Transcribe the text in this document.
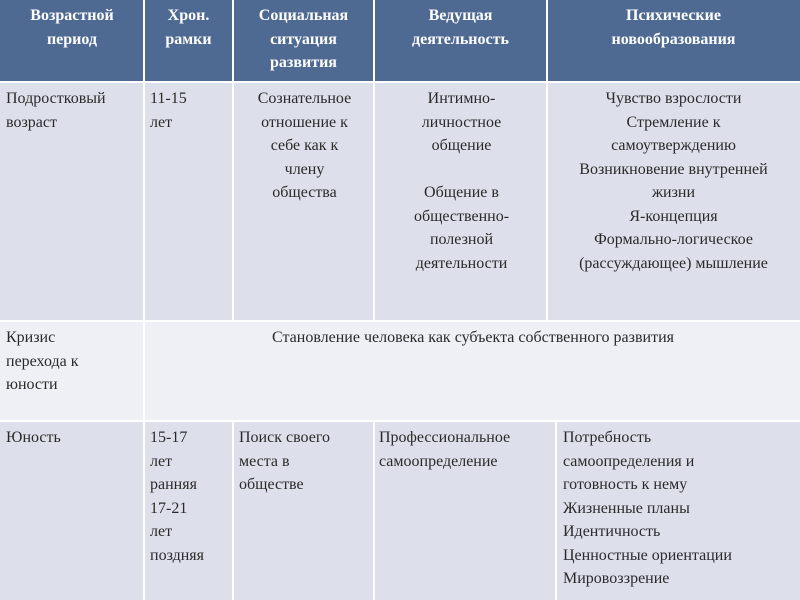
Возрастной
период
Хрон.
рамки
Социальная
ситуация
развития
Ведущая
деятельность
Психические
новообразования
Подростковый
возраст
11-15
лет
Сознательное
отношение к
себе как к
члену
общества
Интимно-
личностное
общение
Общение в
общественно-
полезной
деятельности
Чувство взрослости
Стремление к
самоутверждению
Возникновение внутренней
жизни
Я-концепция
Формально-логическое
(рассуждающее) мышление
Кризис
перехода к
юности
Становление человека как субъекта собственного развития
Юность	15-17
лет
ранняя
17-21
лет
поздняя
Поиск своего
места в
обществе
Профессиональное
самоопределение
Потребность
самоопределения и
готовность к нему
Жизненные планы
Идентичность
Ценностные ориентации
Мировоззрение
